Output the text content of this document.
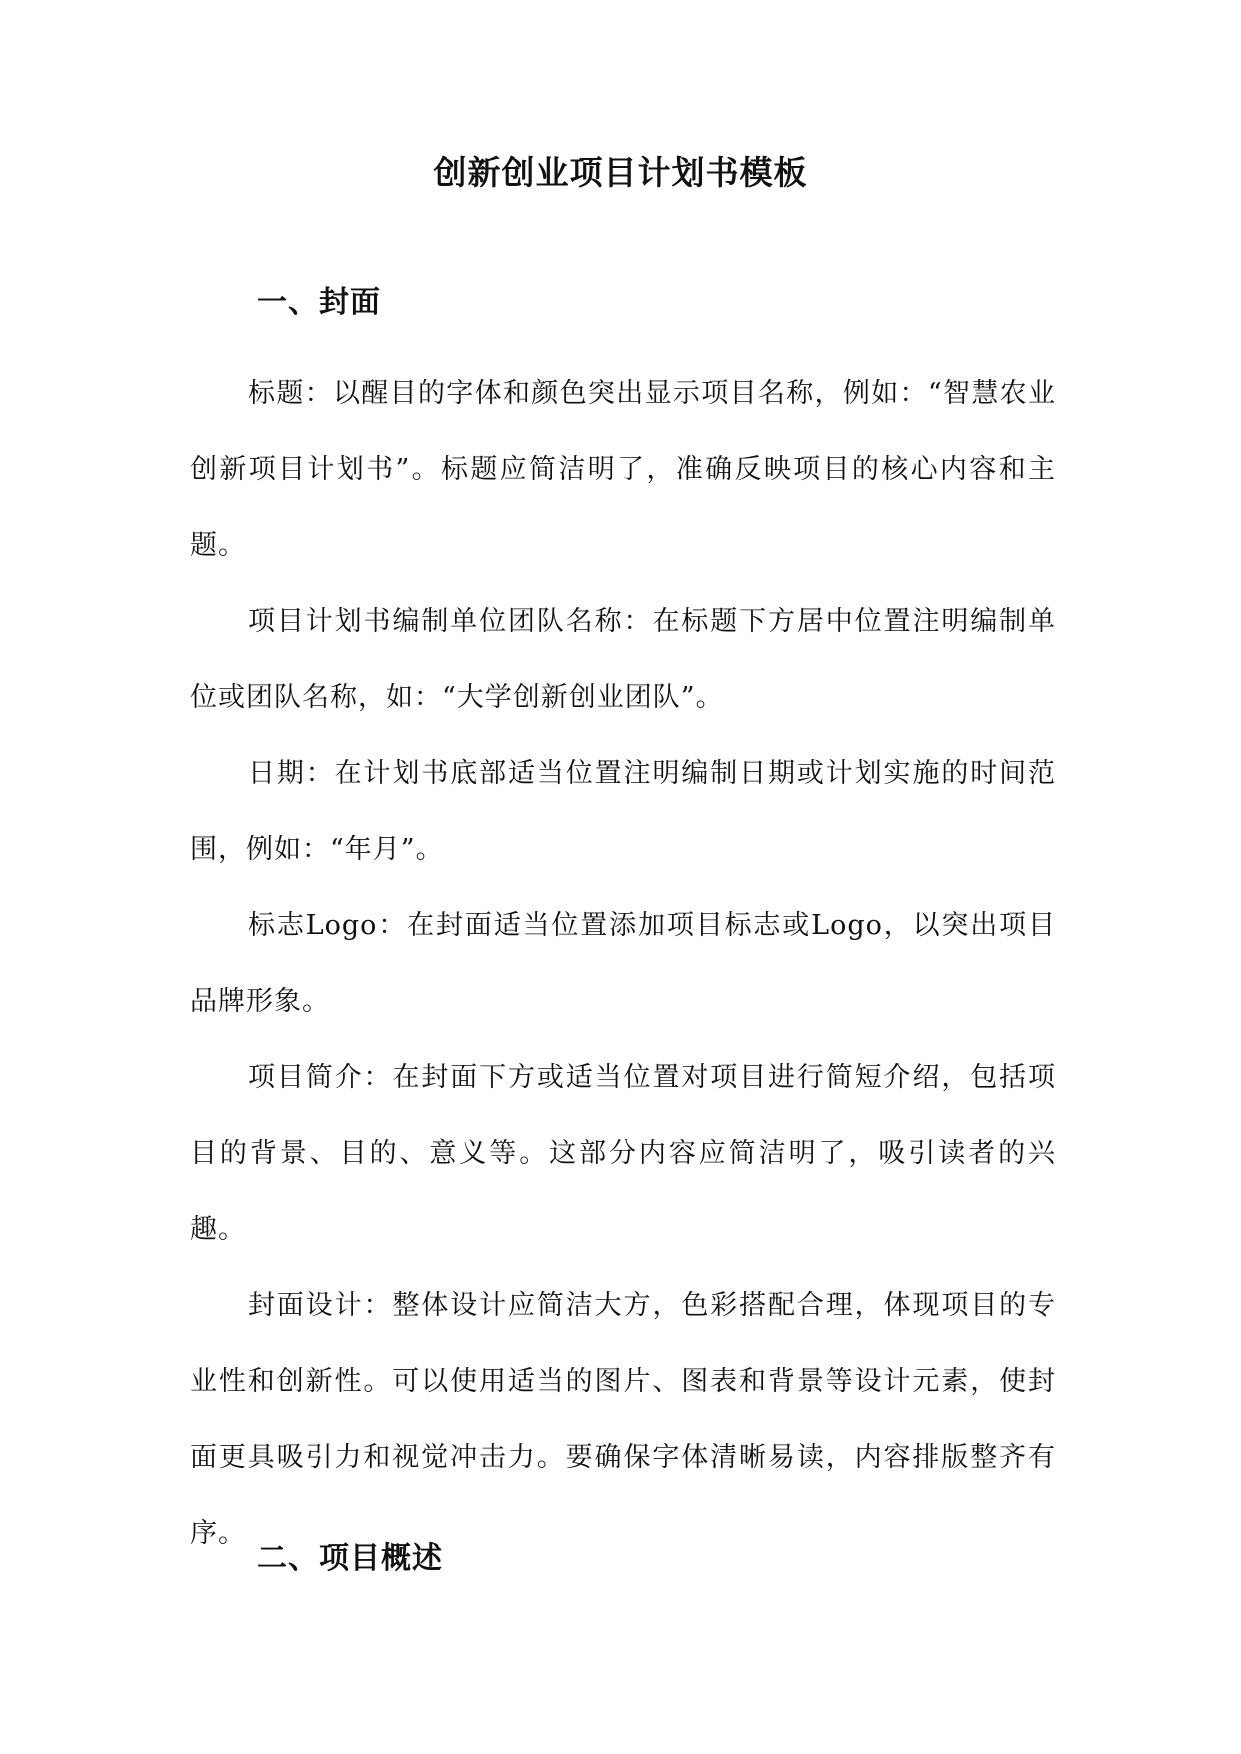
创新创业项目计划书模板
一、封面

标题：以醒目的字体和颜色突出显示项目名称，例如：“智慧农业创新项目计划书”。标题应简洁明了，准确反映项目的核心内容和主题。

项目计划书编制单位团队名称：在标题下方居中位置注明编制单位或团队名称，如：“大学创新创业团队”。

日期：在计划书底部适当位置注明编制日期或计划实施的时间范围，例如：“年月”。

标志Logo：在封面适当位置添加项目标志或Logo，以突出项目品牌形象。

项目简介：在封面下方或适当位置对项目进行简短介绍，包括项目的背景、目的、意义等。这部分内容应简洁明了，吸引读者的兴趣。

封面设计：整体设计应简洁大方，色彩搭配合理，体现项目的专业性和创新性。可以使用适当的图片、图表和背景等设计元素，使封面更具吸引力和视觉冲击力。要确保字体清晰易读，内容排版整齐有序。

二、项目概述
